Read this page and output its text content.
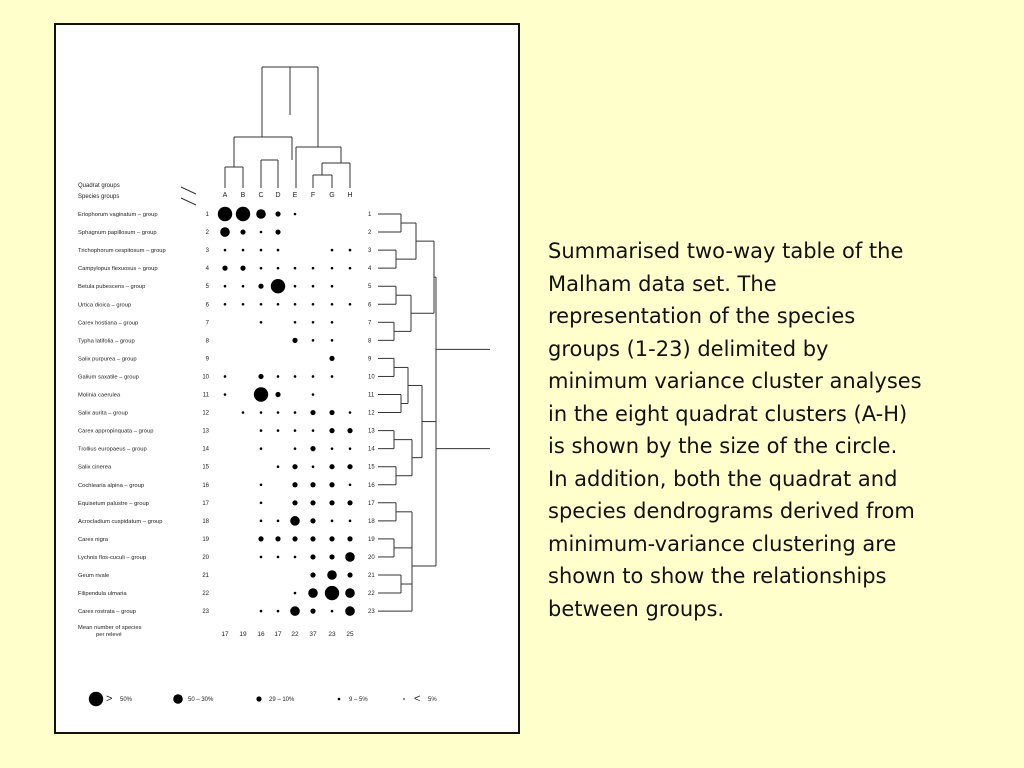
Quadrat groups
Species groups	A B C D E F G H
Eriophorum vaginatum – group	1	1
Sphagnum papillosum – group	2	2
Trichophorum cespitosum – group	3	3
Campylopus flexuosus – group	4	4
Betula pubescens – group	5	5
Urtica dioica – group	6	6
Carex hostiana – group	7	7
Typha latifolia – group	8	8
Salix purpurea – group	9	9
Galium saxatile – group	10	10
Molinia caerulea	11	11
Salix aurita – group	12	12
Carex appropinquata – group	13	13
Trollius europaeus – group	14	14
Salix cinerea	15	15
Cochlearia alpina – group	16	16
Equisetum palustre – group	17	17
Acrocladium cuspidatum – group	18	18
Carex nigra	19	19
Lychnis flos-cuculi – group	20	20
Geum rivale	21	21
Filipendula ulmaria	22	22
Carex rostrata – group	23	23
Mean number of species
per relevé	17 19 16 17 22 37 23 25
> 50%	50 – 30%	29 – 10%	9 – 5%	< 5%

Summarised two-way table of the
Malham data set. The
representation of the species
groups (1-23) delimited by
minimum variance cluster analyses
in the eight quadrat clusters (A-H)
is shown by the size of the circle.
In addition, both the quadrat and
species dendrograms derived from
minimum-variance clustering are
shown to show the relationships
between groups.
